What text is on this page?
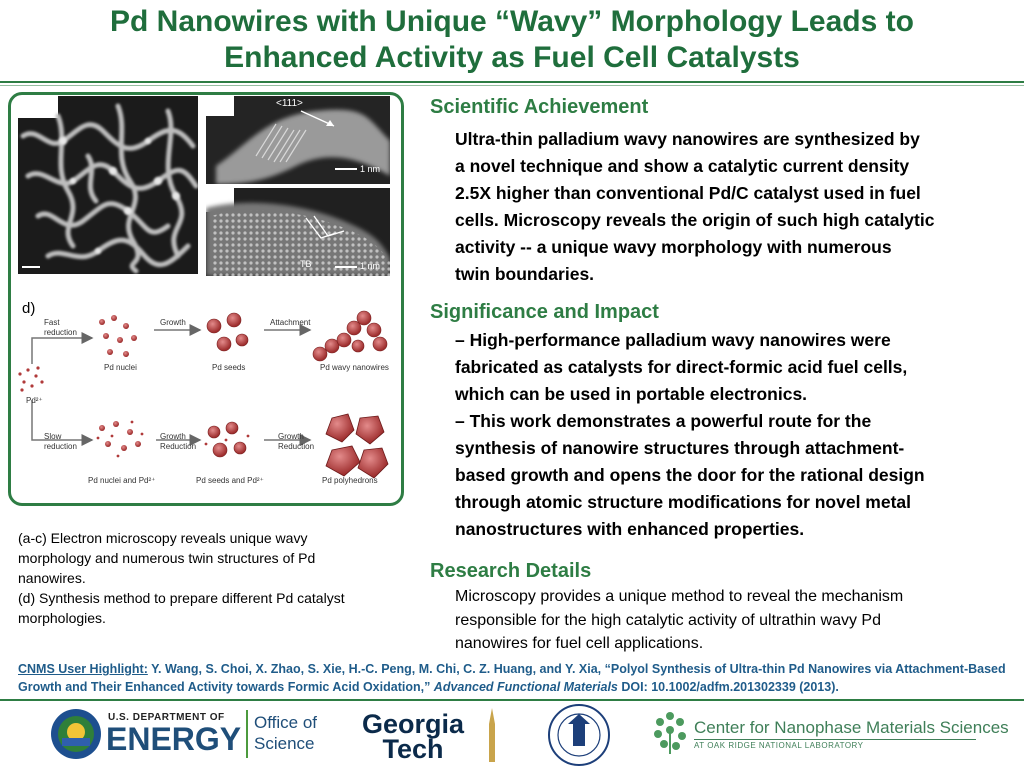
Pd Nanowires with Unique “Wavy” Morphology Leads to
Enhanced Activity as Fuel Cell Catalysts
<111>
1 nm
TB	1 nm
d)
Fast
reduction
Slow
reduction
Growth	Attachment
Growth
Reduction
Growth
Reduction
Pd²⁺
Pd nuclei	Pd seeds	Pd wavy nanowires
Pd nuclei and Pd²⁺	Pd seeds and Pd²⁺	Pd polyhedrons
Scientific Achievement
Ultra-thin palladium wavy nanowires are synthesized by
a novel technique and show a catalytic current density
2.5X higher than conventional Pd/C catalyst used in fuel
cells. Microscopy reveals the origin of such high catalytic
activity -- a unique wavy morphology with numerous
twin boundaries.
Significance and Impact
– High-performance palladium wavy nanowires were
fabricated as catalysts for direct-formic acid fuel cells,
which can be used in portable electronics.
– This work demonstrates a powerful route for the
synthesis of nanowire structures through attachment-
based growth and opens the door for the rational design
through atomic structure modifications for novel metal
nanostructures with enhanced properties.
Research Details
Microscopy provides a unique method to reveal the mechanism
responsible for the high catalytic activity of ultrathin wavy Pd
nanowires for fuel cell applications.
(a-c) Electron microscopy reveals unique wavy
morphology and numerous twin structures of Pd
nanowires.
(d) Synthesis method to prepare different Pd catalyst
morphologies.
CNMS User Highlight: Y. Wang, S. Choi, X. Zhao, S. Xie, H.-C. Peng, M. Chi, C. Z. Huang, and Y. Xia, “Polyol Synthesis of Ultra-thin Pd Nanowires via Attachment-Based Growth and Their Enhanced Activity towards Formic Acid Oxidation,” Advanced Functional Materials DOI: 10.1002/adfm.201302339 (2013).
U.S. DEPARTMENT OF
ENERGY Office of
Science
Georgia
Tech
Center for Nanophase Materials Sciences
AT OAK RIDGE NATIONAL LABORATORY
